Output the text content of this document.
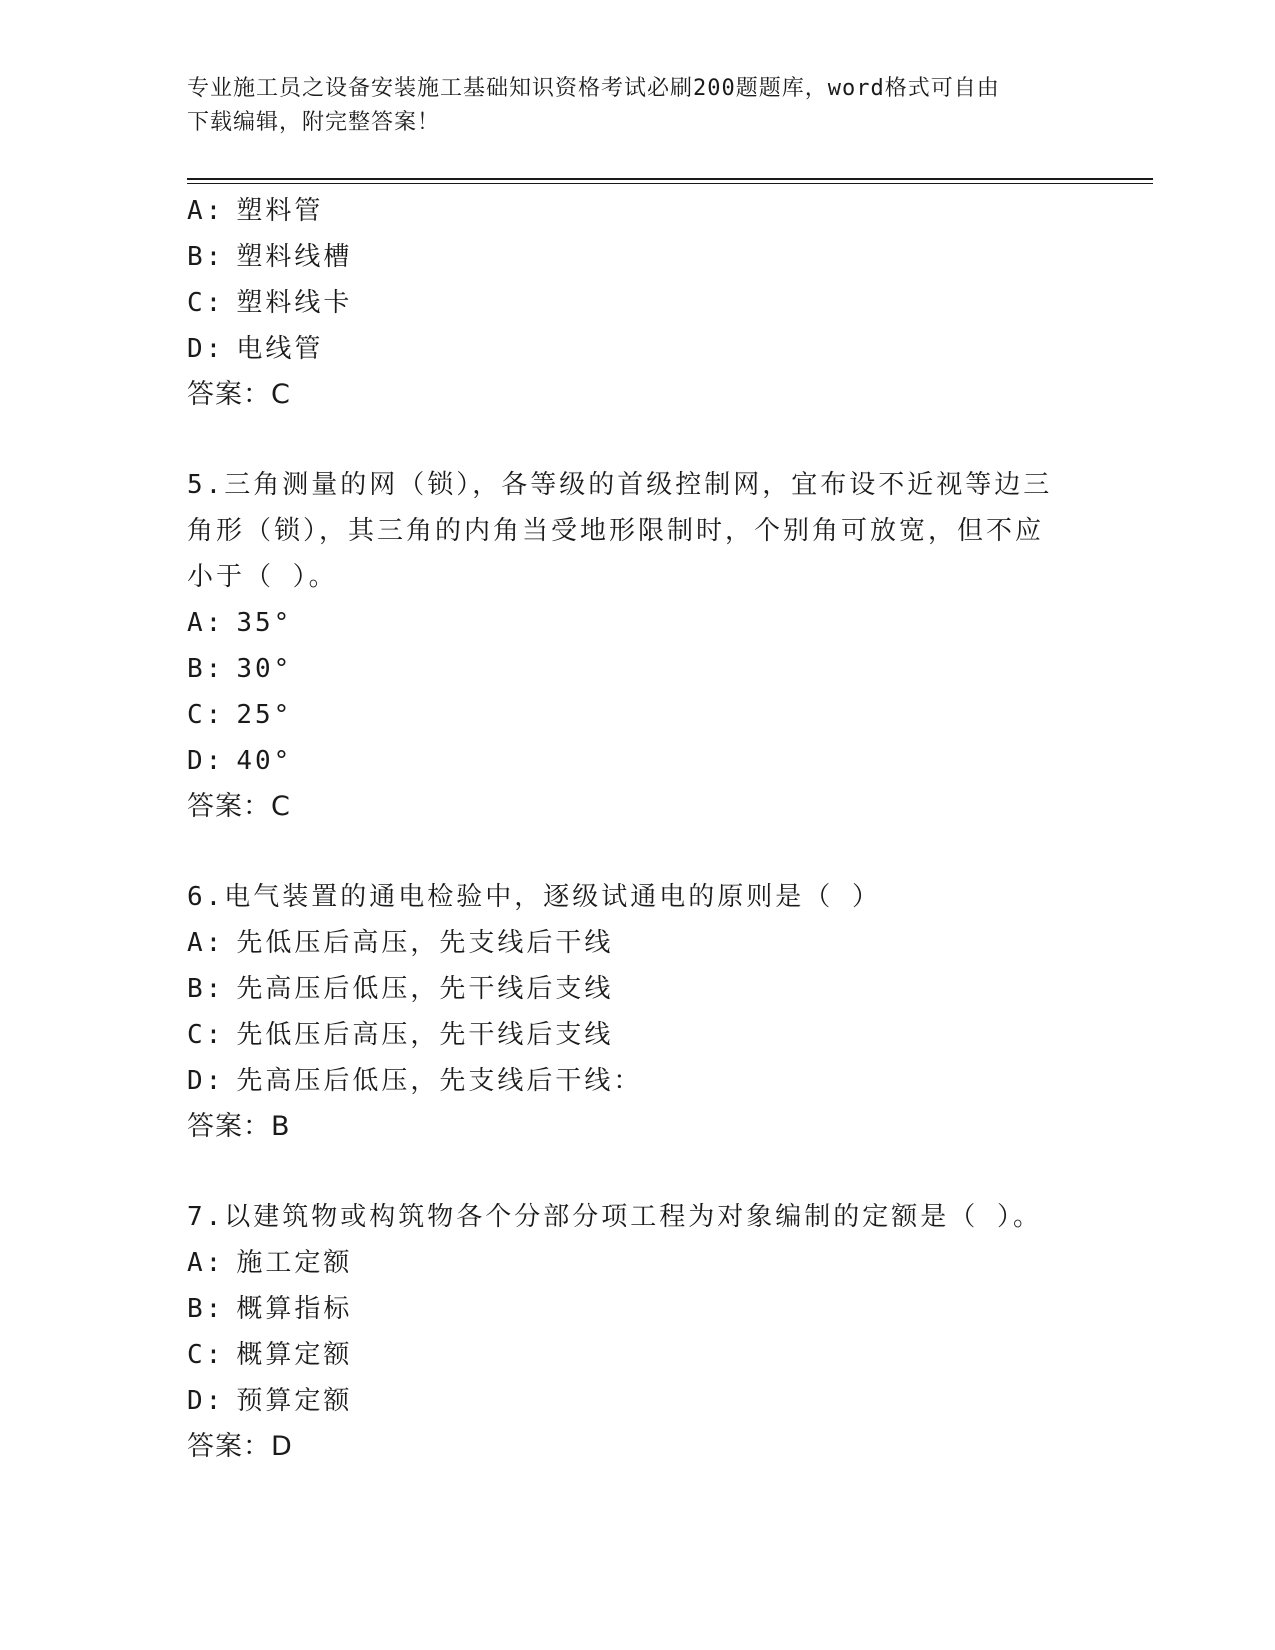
专业施工员之设备安装施工基础知识资格考试必刷200题题库，word格式可自由
下载编辑，附完整答案！
A: 塑料管
B: 塑料线槽
C: 塑料线卡
D: 电线管
答案：C
5.三角测量的网（锁），各等级的首级控制网，宜布设不近视等边三
角形（锁），其三角的内角当受地形限制时，个别角可放宽，但不应
小于（ ）。
A: 35°
B: 30°
C: 25°
D: 40°
答案：C
6.电气装置的通电检验中，逐级试通电的原则是（ ）
A: 先低压后高压，先支线后干线
B: 先高压后低压，先干线后支线
C: 先低压后高压，先干线后支线
D: 先高压后低压，先支线后干线：
答案：B
7.以建筑物或构筑物各个分部分项工程为对象编制的定额是（ ）。
A: 施工定额
B: 概算指标
C: 概算定额
D: 预算定额
答案：D
